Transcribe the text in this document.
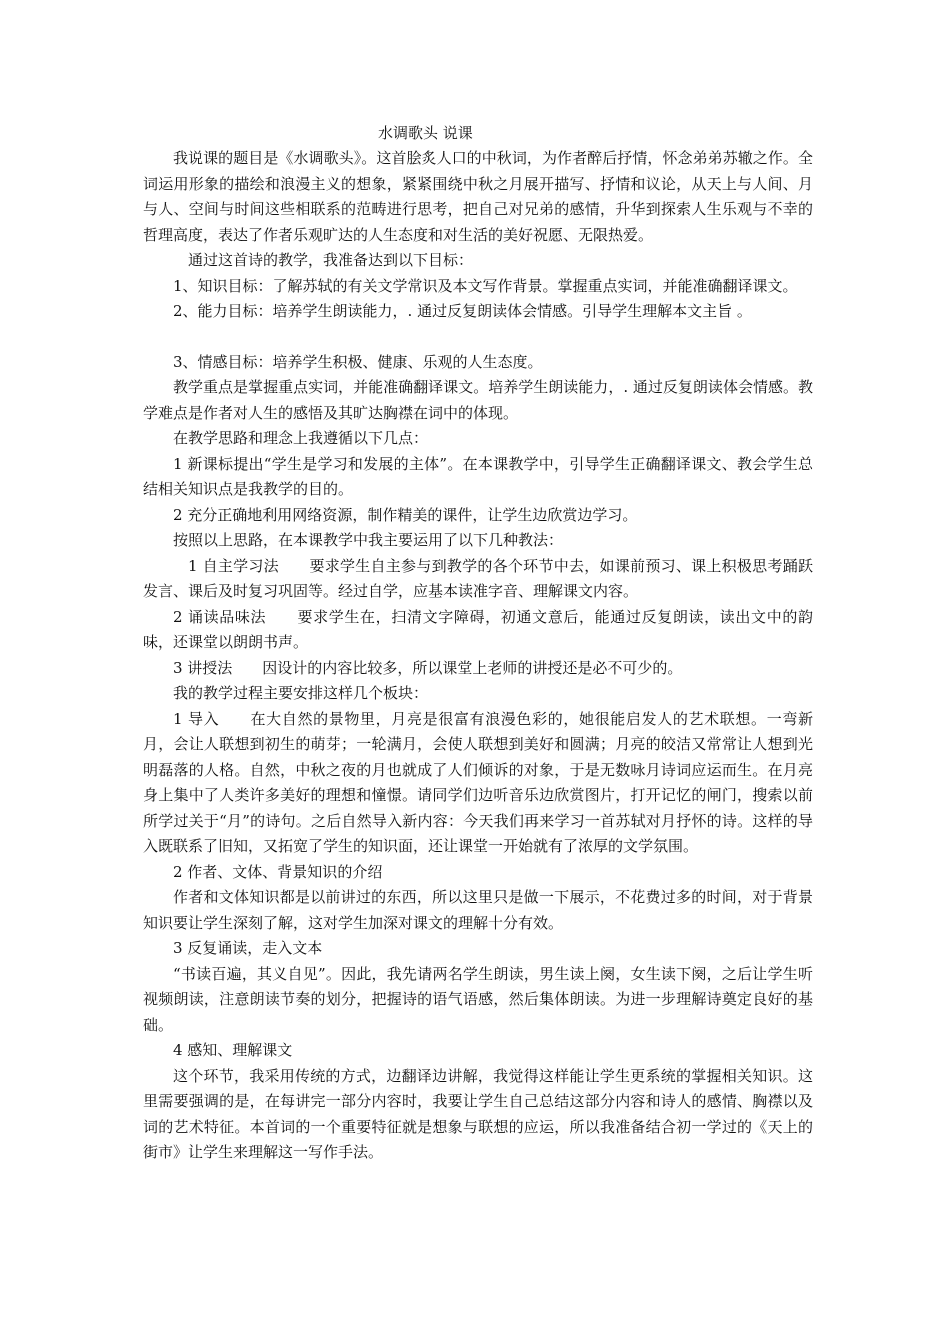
水调歌头 说课

我说课的题目是《水调歌头》。这首脍炙人口的中秋词，为作者醉后抒情，怀念弟弟苏辙之作。全词运用形象的描绘和浪漫主义的想象，紧紧围绕中秋之月展开描写、抒情和议论，从天上与人间、月与人、空间与时间这些相联系的范畴进行思考，把自己对兄弟的感情，升华到探索人生乐观与不幸的哲理高度，表达了作者乐观旷达的人生态度和对生活的美好祝愿、无限热爱。

通过这首诗的教学，我准备达到以下目标：

1、知识目标：了解苏轼的有关文学常识及本文写作背景。掌握重点实词，并能准确翻译课文。

2、能力目标：培养学生朗读能力，. 通过反复朗读体会情感。引导学生理解本文主旨 。

3、情感目标：培养学生积极、健康、乐观的人生态度。

教学重点是掌握重点实词，并能准确翻译课文。培养学生朗读能力，. 通过反复朗读体会情感。教学难点是作者对人生的感悟及其旷达胸襟在词中的体现。

在教学思路和理念上我遵循以下几点：

1 新课标提出“学生是学习和发展的主体”。在本课教学中，引导学生正确翻译课文、教会学生总结相关知识点是我教学的目的。

2 充分正确地利用网络资源，制作精美的课件，让学生边欣赏边学习。

按照以上思路，在本课教学中我主要运用了以下几种教法：

1 自主学习法　　要求学生自主参与到教学的各个环节中去，如课前预习、课上积极思考踊跃发言、课后及时复习巩固等。经过自学，应基本读准字音、理解课文内容。

2 诵读品味法　　要求学生在，扫清文字障碍，初通文意后，能通过反复朗读，读出文中的韵味，还课堂以朗朗书声。

3 讲授法　　因设计的内容比较多，所以课堂上老师的讲授还是必不可少的。

我的教学过程主要安排这样几个板块：

1 导入　　在大自然的景物里，月亮是很富有浪漫色彩的，她很能启发人的艺术联想。一弯新月，会让人联想到初生的萌芽；一轮满月，会使人联想到美好和圆满；月亮的皎洁又常常让人想到光明磊落的人格。自然，中秋之夜的月也就成了人们倾诉的对象，于是无数咏月诗词应运而生。在月亮身上集中了人类许多美好的理想和憧憬。请同学们边听音乐边欣赏图片，打开记忆的闸门，搜索以前所学过关于“月”的诗句。之后自然导入新内容：今天我们再来学习一首苏轼对月抒怀的诗。这样的导入既联系了旧知，又拓宽了学生的知识面，还让课堂一开始就有了浓厚的文学氛围。

2 作者、文体、背景知识的介绍

作者和文体知识都是以前讲过的东西，所以这里只是做一下展示，不花费过多的时间，对于背景知识要让学生深刻了解，这对学生加深对课文的理解十分有效。

3 反复诵读，走入文本

“书读百遍，其义自见”。因此，我先请两名学生朗读，男生读上阕，女生读下阕，之后让学生听视频朗读，注意朗读节奏的划分，把握诗的语气语感，然后集体朗读。为进一步理解诗奠定良好的基础。

4 感知、理解课文

这个环节，我采用传统的方式，边翻译边讲解，我觉得这样能让学生更系统的掌握相关知识。这里需要强调的是，在每讲完一部分内容时，我要让学生自己总结这部分内容和诗人的感情、胸襟以及词的艺术特征。本首词的一个重要特征就是想象与联想的应运，所以我准备结合初一学过的《天上的街市》让学生来理解这一写作手法。
